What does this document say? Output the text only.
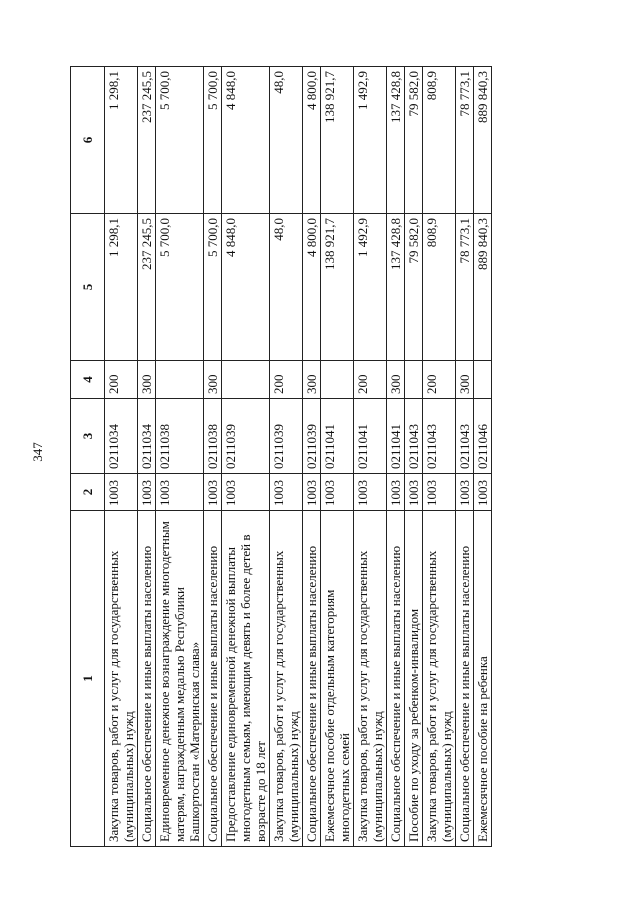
347
1	2	3	4	5	6
Закупка товаров, работ и услуг для государственных (муниципальных) нужд	1003	0211034	200	1 298,1	1 298,1
Социальное обеспечение и иные выплаты населению	1003	0211034	300	237 245,5	237 245,5
Единовременное денежное вознаграждение многодетным матерям, награжденным медалью Республики Башкортостан «Материнская слава»	1003	0211038		5 700,0	5 700,0
Социальное обеспечение и иные выплаты населению	1003	0211038	300	5 700,0	5 700,0
Предоставление единовременной денежной выплаты многодетным семьям, имеющим девять и более детей в возрасте до 18 лет	1003	0211039		4 848,0	4 848,0
Закупка товаров, работ и услуг для государственных (муниципальных) нужд	1003	0211039	200	48,0	48,0
Социальное обеспечение и иные выплаты населению	1003	0211039	300	4 800,0	4 800,0
Ежемесячное пособие отдельным категориям многодетных семей	1003	0211041		138 921,7	138 921,7
Закупка товаров, работ и услуг для государственных (муниципальных) нужд	1003	0211041	200	1 492,9	1 492,9
Социальное обеспечение и иные выплаты населению	1003	0211041	300	137 428,8	137 428,8
Пособие по уходу за ребенком-инвалидом	1003	0211043		79 582,0	79 582,0
Закупка товаров, работ и услуг для государственных (муниципальных) нужд	1003	0211043	200	808,9	808,9
Социальное обеспечение и иные выплаты населению	1003	0211043	300	78 773,1	78 773,1
Ежемесячное пособие на ребенка	1003	0211046		889 840,3	889 840,3
